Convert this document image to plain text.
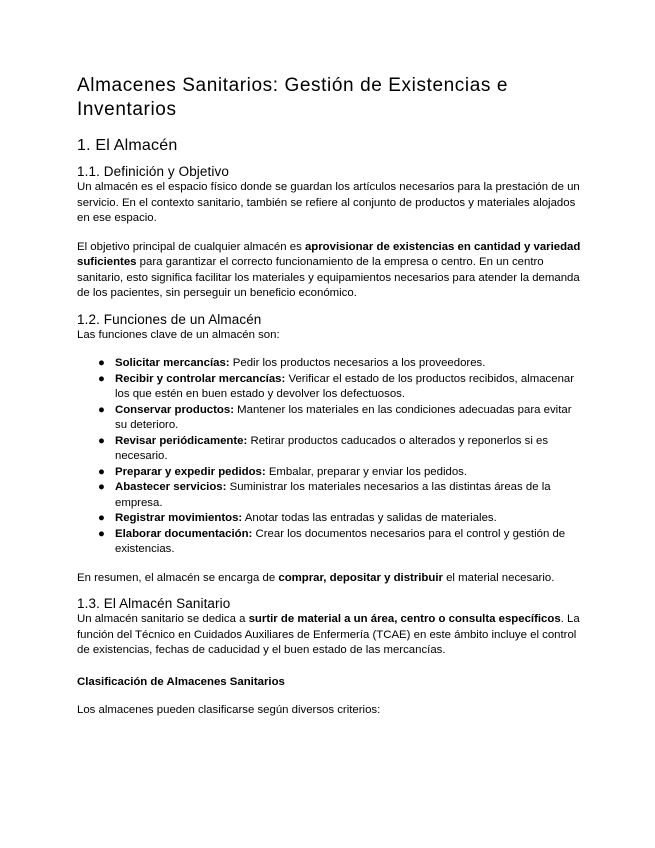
Almacenes Sanitarios: Gestión de Existencias e Inventarios
1. El Almacén
1.1. Definición y Objetivo

Un almacén es el espacio físico donde se guardan los artículos necesarios para la prestación de un servicio. En el contexto sanitario, también se refiere al conjunto de productos y materiales alojados en ese espacio.

El objetivo principal de cualquier almacén es aprovisionar de existencias en cantidad y variedad suficientes para garantizar el correcto funcionamiento de la empresa o centro. En un centro sanitario, esto significa facilitar los materiales y equipamientos necesarios para atender la demanda de los pacientes, sin perseguir un beneficio económico.

1.2. Funciones de un Almacén

Las funciones clave de un almacén son:

● Solicitar mercancías: Pedir los productos necesarios a los proveedores.
● Recibir y controlar mercancías: Verificar el estado de los productos recibidos, almacenar los que estén en buen estado y devolver los defectuosos.
● Conservar productos: Mantener los materiales en las condiciones adecuadas para evitar su deterioro.
● Revisar periódicamente: Retirar productos caducados o alterados y reponerlos si es necesario.
● Preparar y expedir pedidos: Embalar, preparar y enviar los pedidos.
● Abastecer servicios: Suministrar los materiales necesarios a las distintas áreas de la empresa.
● Registrar movimientos: Anotar todas las entradas y salidas de materiales.
● Elaborar documentación: Crear los documentos necesarios para el control y gestión de existencias.

En resumen, el almacén se encarga de comprar, depositar y distribuir el material necesario.

1.3. El Almacén Sanitario

Un almacén sanitario se dedica a surtir de material a un área, centro o consulta específicos. La función del Técnico en Cuidados Auxiliares de Enfermería (TCAE) en este ámbito incluye el control de existencias, fechas de caducidad y el buen estado de las mercancías.

Clasificación de Almacenes Sanitarios

Los almacenes pueden clasificarse según diversos criterios:
